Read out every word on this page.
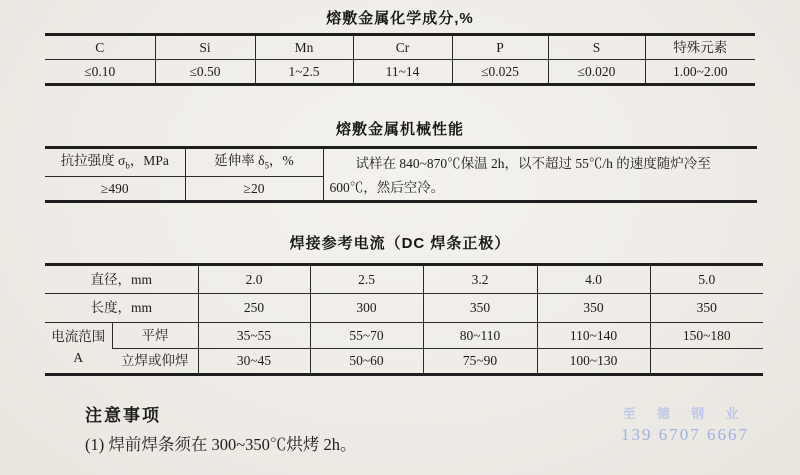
熔敷金属化学成分,%
C	Si	Mn	Cr	P	S	特殊元素
≤0.10	≤0.50	1~2.5	11~14	≤0.025	≤0.020	1.00~2.00
熔敷金属机械性能
抗拉强度 $\sigma_b$，MPa	延伸率 $\delta_5$，%	试样在 840~870℃保温 2h，以不超过 55℃/h 的速度随炉冷至
600℃，然后空冷。

≥490	≥20	
焊接参考电流（DC 焊条正极）
直径，mm		2.0	2.5	3.2	4.0	5.0
长度，mm		250	300	350	350	350

电流范围
A	平焊	35~55	55~70	80~110	110~140	150~180
	立焊或仰焊	30~45	50~60	75~90	100~130	
注意事项
(1) 焊前焊条须在 300~350℃烘烤 2h。
至 德 钢 业
139 6707 6667
